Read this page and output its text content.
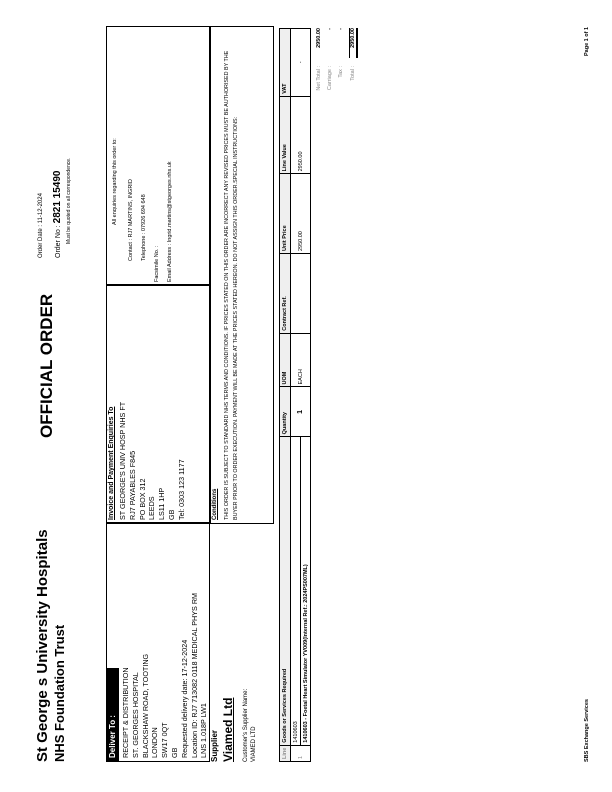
St George s University Hospitals NHS Foundation Trust
OFFICIAL ORDER
Order Date : 11-12-2024
Order No : 2821 15490 Must be quoted on all correspondence.
Deliver To : RECEIPT & DISTRIBUTION ST. GEORGES HOSPITAL BLACKSHAW ROAD, TOOTING LONDON SW17 0QT GB Requested delivery date: 17-12-2024 Location ID: RJ7 713082 0118 MEDICAL PHYS RM LNS 1.018P LW1
Invoice and Payment Enquiries To ST GEORGE'S UNIV HOSP NHS FT RJ7 PAYABLES F845 PO BOX 312 LEEDS LS11 1HP GB Tel: 0303 123 1177
All enquiries regarding this order to:	Contact : RJ7 MARTINS, INGRID	Telephone : 07926 694 648
Facsimile No. :	Email Address : Ingrid.martins@stgeorges.nhs.uk
Supplier Viamed Ltd Customer's Supplier Name: VIAMED LTD
Conditions THIS ORDER IS SUBJECT TO STANDARD NHS TERMS AND CONDITIONS. IF PRICES STATED ON THIS ORDER ARE INCORRECT ANY REVISED PRICES MUST BE AUTHORISED BY THE BUYER PRIOR TO ORDER EXECUTION. PAYMENT WILL BE MADE AT THE PRICES STATED HEREON. DO NOT ASSIGN THIS ORDER.SPECIAL INSTRUCTIONS:
Line	Goods or Services Required	Quantity	UOM	Contract Ref.	Unit Price	Line Value	VAT
1	1410603	1	EACH		2950.00	2950.00	-
	1410603 - Foetal Heart Simulator YV009(Internal Ref.: 2024PS007ML)						
Net Total :2950.00
Carriage :-
Tax :-
Total :2950.00
SBS Exchange Services
Page 1 of 1
